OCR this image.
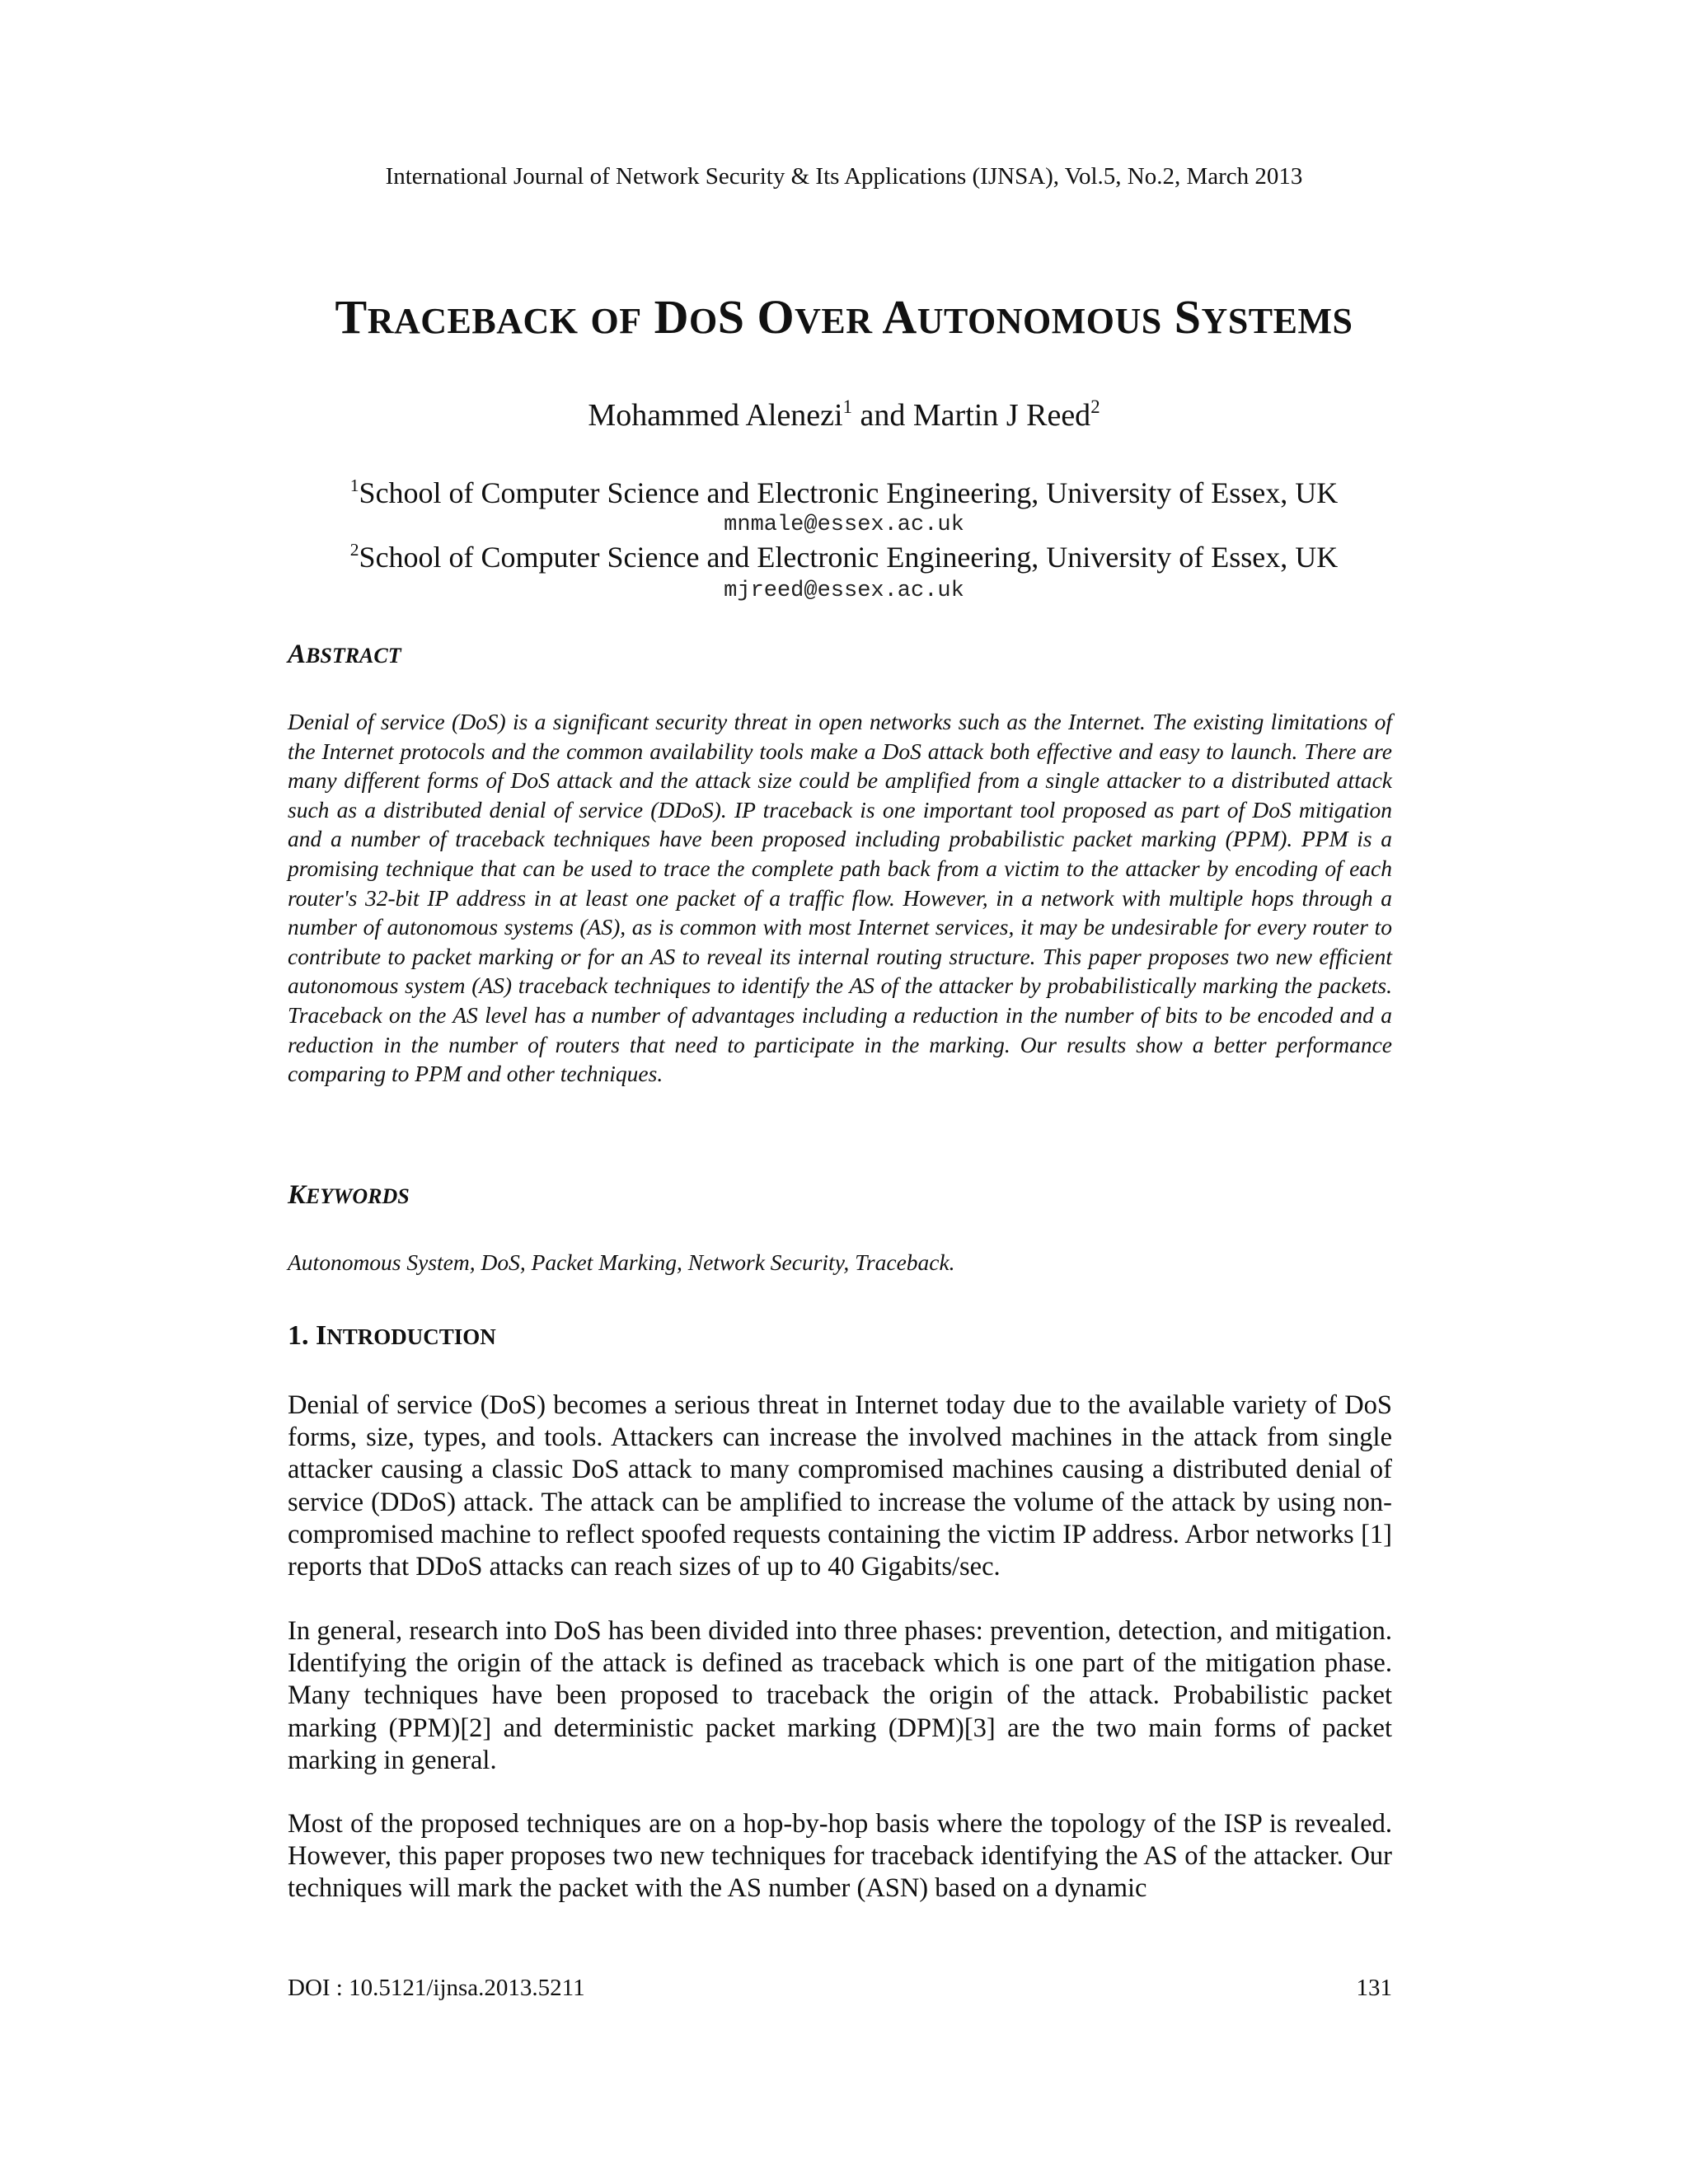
International Journal of Network Security & Its Applications (IJNSA), Vol.5, No.2, March 2013
TRACEBACK OF DOS OVER AUTONOMOUS SYSTEMS
Mohammed Alenezi$^1$ and Martin J Reed$^2$
$^1$School of Computer Science and Electronic Engineering, University of Essex, UK
mnmale@essex.ac.uk
$^2$School of Computer Science and Electronic Engineering, University of Essex, UK
mjreed@essex.ac.uk
ABSTRACT
Denial of service (DoS) is a significant security threat in open networks such as the Internet. The existing limitations of the Internet protocols and the common availability tools make a DoS attack both effective and easy to launch. There are many different forms of DoS attack and the attack size could be amplified from a single attacker to a distributed attack such as a distributed denial of service (DDoS). IP traceback is one important tool proposed as part of DoS mitigation and a number of traceback techniques have been proposed including probabilistic packet marking (PPM). PPM is a promising technique that can be used to trace the complete path back from a victim to the attacker by encoding of each router's 32-bit IP address in at least one packet of a traffic flow. However, in a network with multiple hops through a number of autonomous systems (AS), as is common with most Internet services, it may be undesirable for every router to contribute to packet marking or for an AS to reveal its internal routing structure. This paper proposes two new efficient autonomous system (AS) traceback techniques to identify the AS of the attacker by probabilistically marking the packets. Traceback on the AS level has a number of advantages including a reduction in the number of bits to be encoded and a reduction in the number of routers that need to participate in the marking. Our results show a better performance comparing to PPM and other techniques.
KEYWORDS
Autonomous System, DoS, Packet Marking, Network Security, Traceback.
1. INTRODUCTION
Denial of service (DoS) becomes a serious threat in Internet today due to the available variety of DoS forms, size, types, and tools. Attackers can increase the involved machines in the attack from single attacker causing a classic DoS attack to many compromised machines causing a distributed denial of service (DDoS) attack. The attack can be amplified to increase the volume of the attack by using non-compromised machine to reflect spoofed requests containing the victim IP address. Arbor networks [1] reports that DDoS attacks can reach sizes of up to 40 Gigabits/sec.
In general, research into DoS has been divided into three phases: prevention, detection, and mitigation. Identifying the origin of the attack is defined as traceback which is one part of the mitigation phase. Many techniques have been proposed to traceback the origin of the attack. Probabilistic packet marking (PPM)[2] and deterministic packet marking (DPM)[3] are the two main forms of packet marking in general.
Most of the proposed techniques are on a hop-by-hop basis where the topology of the ISP is revealed. However, this paper proposes two new techniques for traceback identifying the AS of the attacker. Our techniques will mark the packet with the AS number (ASN) based on a dynamic
DOI : 10.5121/ijnsa.2013.5211	131
